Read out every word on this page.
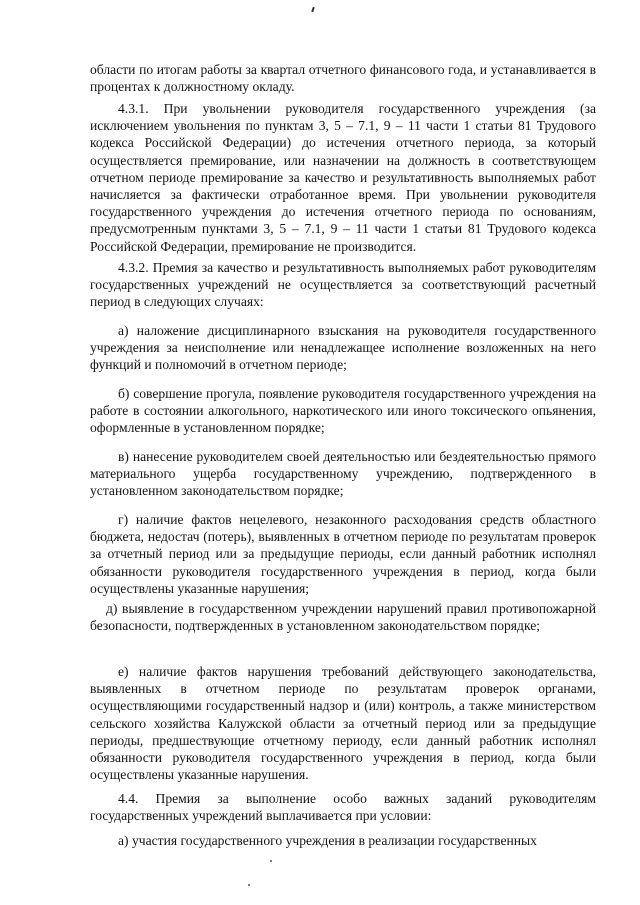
области по итогам работы за квартал отчетного финансового года, и устанавливается в процентах к должностному окладу.
4.3.1. При увольнении руководителя государственного учреждения (за исключением увольнения по пунктам 3, 5 – 7.1, 9 – 11 части 1 статьи 81 Трудового кодекса Российской Федерации) до истечения отчетного периода, за который осуществляется премирование, или назначении на должность в соответствующем отчетном периоде премирование за качество и результативность выполняемых работ начисляется за фактически отработанное время. При увольнении руководителя государственного учреждения до истечения отчетного периода по основаниям, предусмотренным пунктами 3, 5 – 7.1, 9 – 11 части 1 статьи 81 Трудового кодекса Российской Федерации, премирование не производится.
4.3.2. Премия за качество и результативность выполняемых работ руководителям государственных учреждений не осуществляется за соответствующий расчетный период в следующих случаях:
а) наложение дисциплинарного взыскания на руководителя государственного учреждения за неисполнение или ненадлежащее исполнение возложенных на него функций и полномочий в отчетном периоде;
б) совершение прогула, появление руководителя государственного учреждения на работе в состоянии алкогольного, наркотического или иного токсического опьянения, оформленные в установленном порядке;
в) нанесение руководителем своей деятельностью или бездеятельностью прямого материального ущерба государственному учреждению, подтвержденного в установленном законодательством порядке;
г) наличие фактов нецелевого, незаконного расходования средств областного бюджета, недостач (потерь), выявленных в отчетном периоде по результатам проверок за отчетный период или за предыдущие периоды, если данный работник исполнял обязанности руководителя государственного учреждения в период, когда были осуществлены указанные нарушения;
д) выявление в государственном учреждении нарушений правил противопожарной безопасности, подтвержденных в установленном законодательством порядке;
е) наличие фактов нарушения требований действующего законодательства, выявленных в отчетном периоде по результатам проверок органами, осуществляющими государственный надзор и (или) контроль, а также министерством сельского хозяйства Калужской области за отчетный период или за предыдущие периоды, предшествующие отчетному периоду, если данный работник исполнял обязанности руководителя государственного учреждения в период, когда были осуществлены указанные нарушения.
4.4. Премия за выполнение особо важных заданий руководителям государственных учреждений выплачивается при условии:
а) участия государственного учреждения в реализации государственных
